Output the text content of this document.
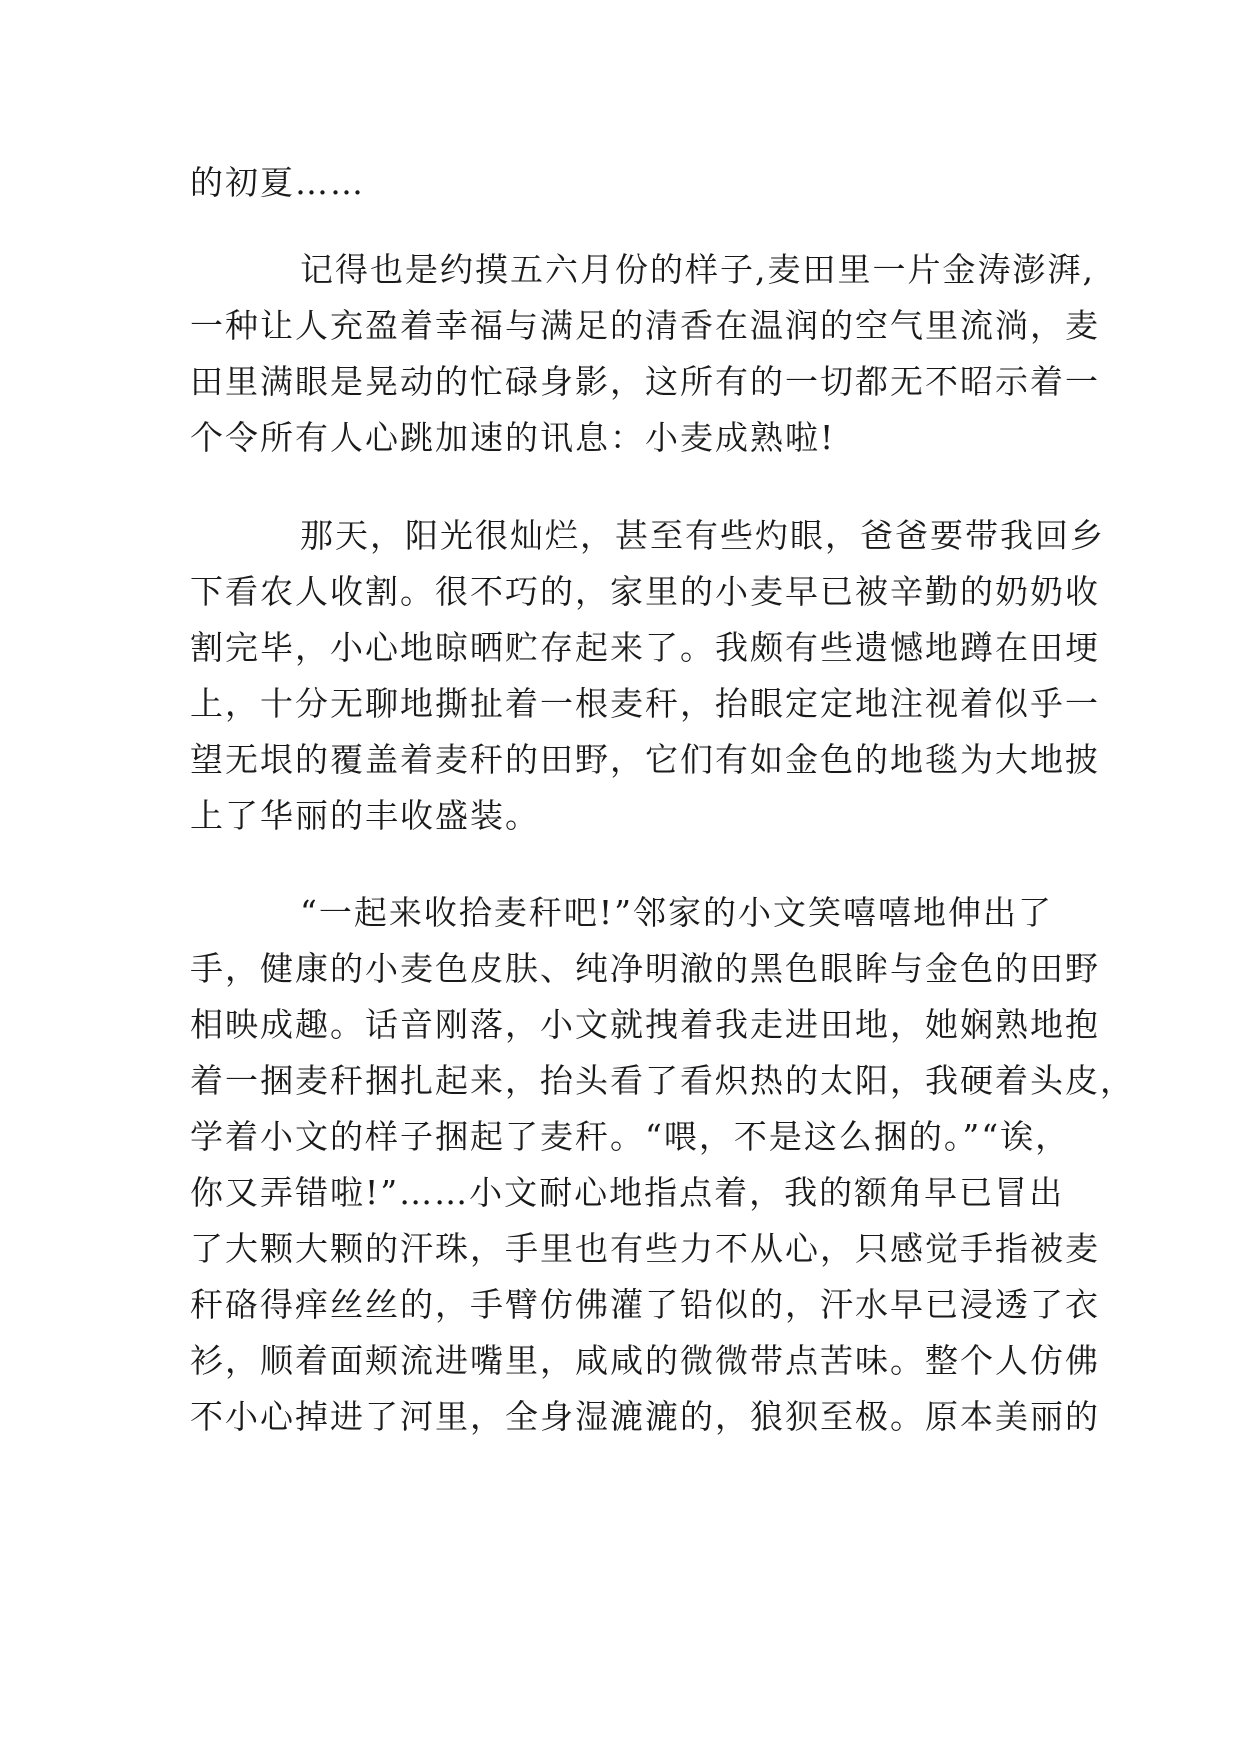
的初夏……
记得也是约摸五六月份的样子,麦田里一片金涛澎湃,
一种让人充盈着幸福与满足的清香在温润的空气里流淌，麦
田里满眼是晃动的忙碌身影，这所有的一切都无不昭示着一
个令所有人心跳加速的讯息：小麦成熟啦!
那天，阳光很灿烂，甚至有些灼眼，爸爸要带我回乡
下看农人收割。很不巧的，家里的小麦早已被辛勤的奶奶收
割完毕，小心地晾晒贮存起来了。我颇有些遗憾地蹲在田埂
上，十分无聊地撕扯着一根麦秆，抬眼定定地注视着似乎一
望无垠的覆盖着麦秆的田野，它们有如金色的地毯为大地披
上了华丽的丰收盛装。
“一起来收拾麦秆吧!”邻家的小文笑嘻嘻地伸出了
手，健康的小麦色皮肤、纯净明澈的黑色眼眸与金色的田野
相映成趣。话音刚落，小文就拽着我走进田地，她娴熟地抱
着一捆麦秆捆扎起来，抬头看了看炽热的太阳，我硬着头皮，
学着小文的样子捆起了麦秆。“喂，不是这么捆的。”“诶，
你又弄错啦!”……小文耐心地指点着，我的额角早已冒出
了大颗大颗的汗珠，手里也有些力不从心，只感觉手指被麦
秆硌得痒丝丝的，手臂仿佛灌了铅似的，汗水早已浸透了衣
衫，顺着面颊流进嘴里，咸咸的微微带点苦味。整个人仿佛
不小心掉进了河里，全身湿漉漉的，狼狈至极。原本美丽的
